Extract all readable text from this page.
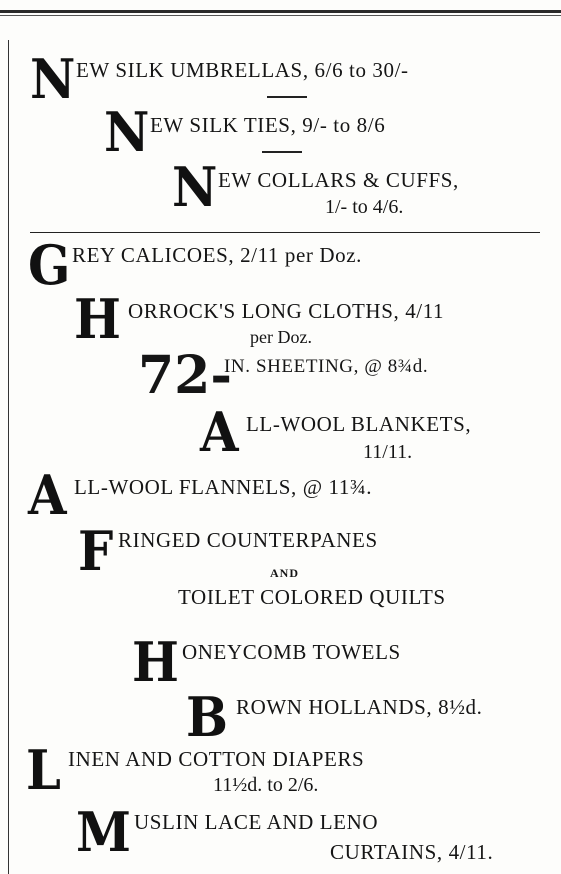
N EW SILK UMBRELLAS, 6/6 to 30/-
N EW SILK TIES, 9/- to 8/6
N EW COLLARS & CUFFS,
1/- to 4/6.
G REY CALICOES, 2/11 per Doz.
H ORROCK'S LONG CLOTHS, 4/11
per Doz.
72-
IN. SHEETING, @ 8¾d.
A LL-WOOL BLANKETS,
11/11.
A LL-WOOL FLANNELS, @ 11¾.
F RINGED COUNTERPANES
AND
TOILET COLORED QUILTS
H ONEYCOMB TOWELS
B ROWN HOLLANDS, 8½d.
L INEN AND COTTON DIAPERS
11½d. to 2/6.
M USLIN LACE AND LENO
CURTAINS, 4/11.
